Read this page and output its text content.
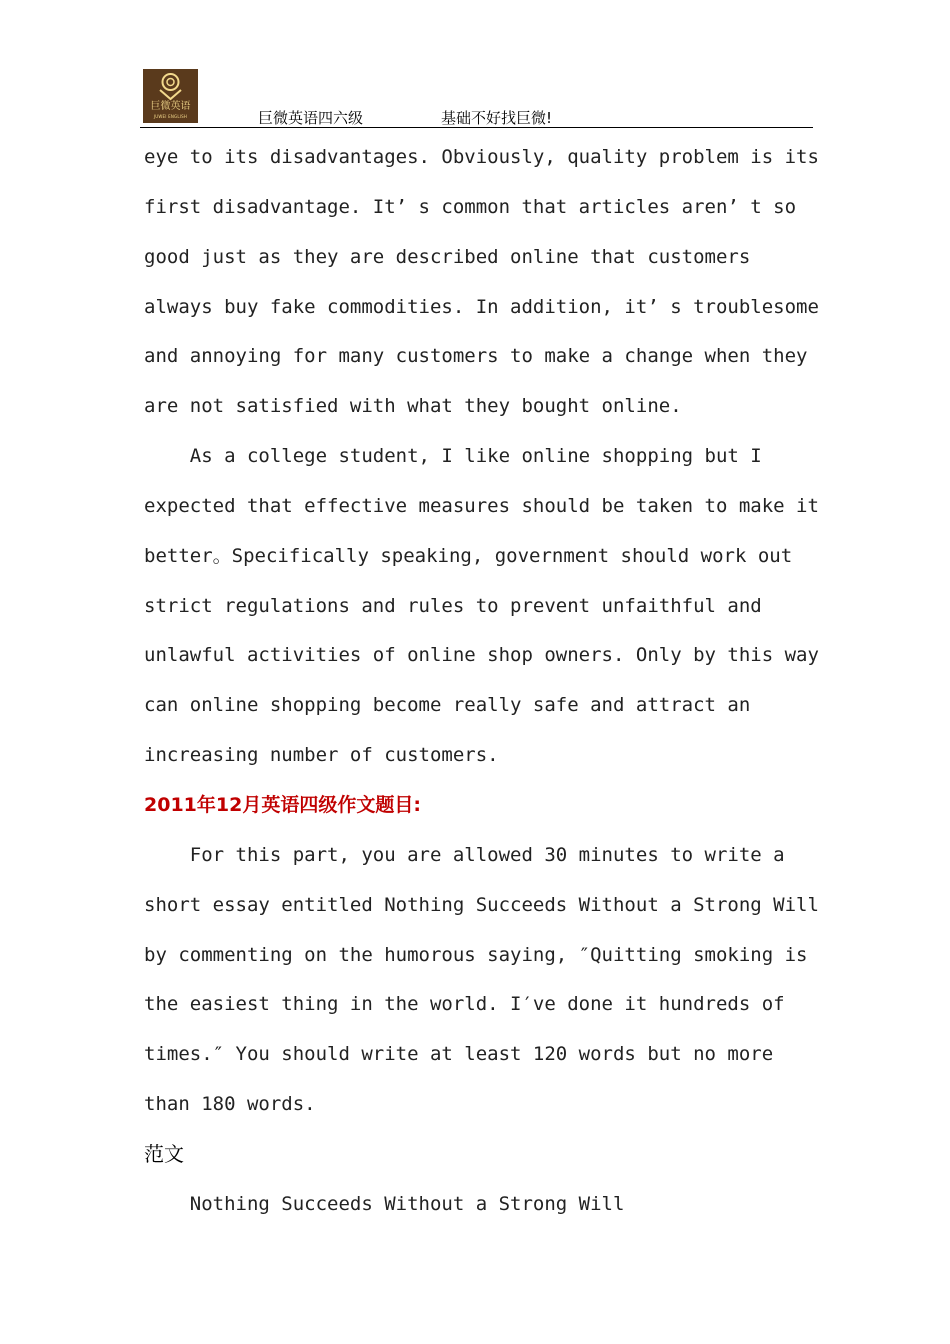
巨微英语
JUWEI ENGLISH	巨微英语四六级	基础不好找巨微!
eye to its disadvantages. Obviously, quality problem is its
first disadvantage. It’ s common that articles aren’ t so
good just as they are described online that customers
always buy fake commodities. In addition, it’ s troublesome
and annoying for many customers to make a change when they
are not satisfied with what they bought online.
As a college student, I like online shopping but I
expected that effective measures should be taken to make it
better。Specifically speaking, government should work out
strict regulations and rules to prevent unfaithful and
unlawful activities of online shop owners. Only by this way
can online shopping become really safe and attract an
increasing number of customers.
2011年12月英语四级作文题目:
For this part, you are allowed 30 minutes to write a
short essay entitled Nothing Succeeds Without a Strong Will
by commenting on the humorous saying, ″Quitting smoking is
the easiest thing in the world. I′ve done it hundreds of
times.″ You should write at least 120 words but no more
than 180 words.
范文
Nothing Succeeds Without a Strong Will
